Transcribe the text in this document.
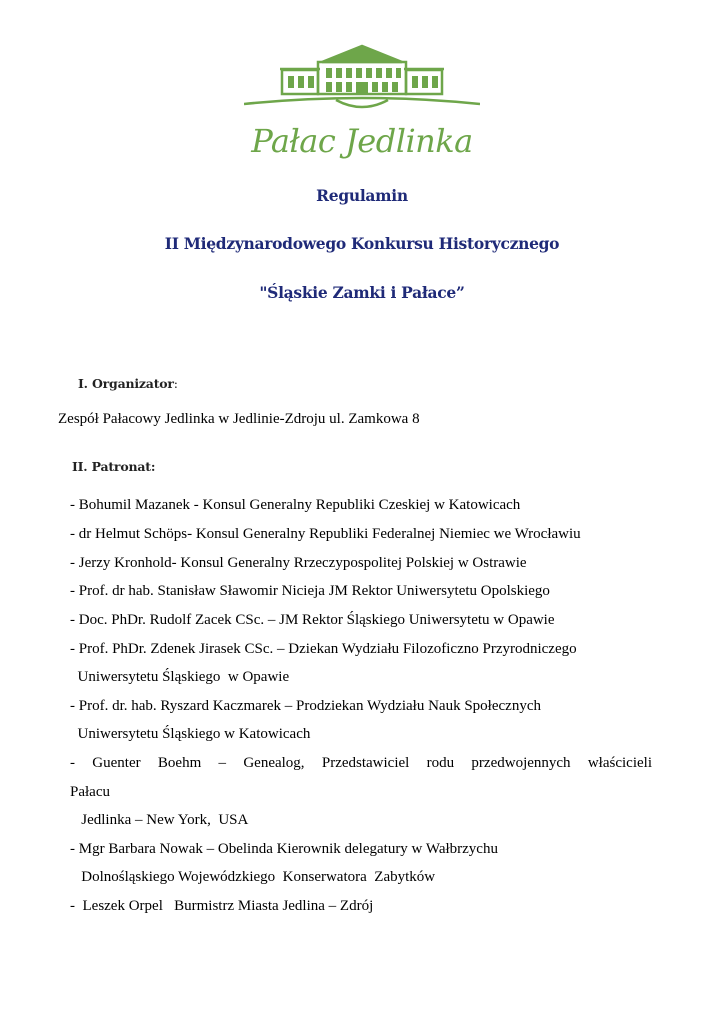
Pałac Jedlinka
Regulamin
II Międzynarodowego Konkursu Historycznego
"Śląskie Zamki i Pałace”
I. Organizator:
Zespół Pałacowy Jedlinka w Jedlinie-Zdroju ul. Zamkowa 8
II. Patronat:
- Bohumil Mazanek - Konsul Generalny Republiki Czeskiej w Katowicach
- dr Helmut Schöps- Konsul Generalny Republiki Federalnej Niemiec we Wrocławiu
- Jerzy Kronhold- Konsul Generalny Rrzeczypospolitej Polskiej w Ostrawie
- Prof. dr hab. Stanisław Sławomir Nicieja JM Rektor Uniwersytetu Opolskiego
- Doc. PhDr. Rudolf Zacek CSc. – JM Rektor Śląskiego Uniwersytetu w Opawie
- Prof. PhDr. Zdenek Jirasek CSc. – Dziekan Wydziału Filozoficzno Przyrodniczego
Uniwersytetu Śląskiego  w Opawie
- Prof. dr. hab. Ryszard Kaczmarek – Prodziekan Wydziału Nauk Społecznych
Uniwersytetu Śląskiego w Katowicach
- Guenter Boehm – Genealog, Przedstawiciel rodu przedwojennych właścicieli
Pałacu
Jedlinka – New York,  USA
- Mgr Barbara Nowak – Obelinda Kierownik delegatury w Wałbrzychu
Dolnośląskiego Wojewódzkiego  Konserwatora  Zabytków
-  Leszek Orpel   Burmistrz Miasta Jedlina – Zdrój
